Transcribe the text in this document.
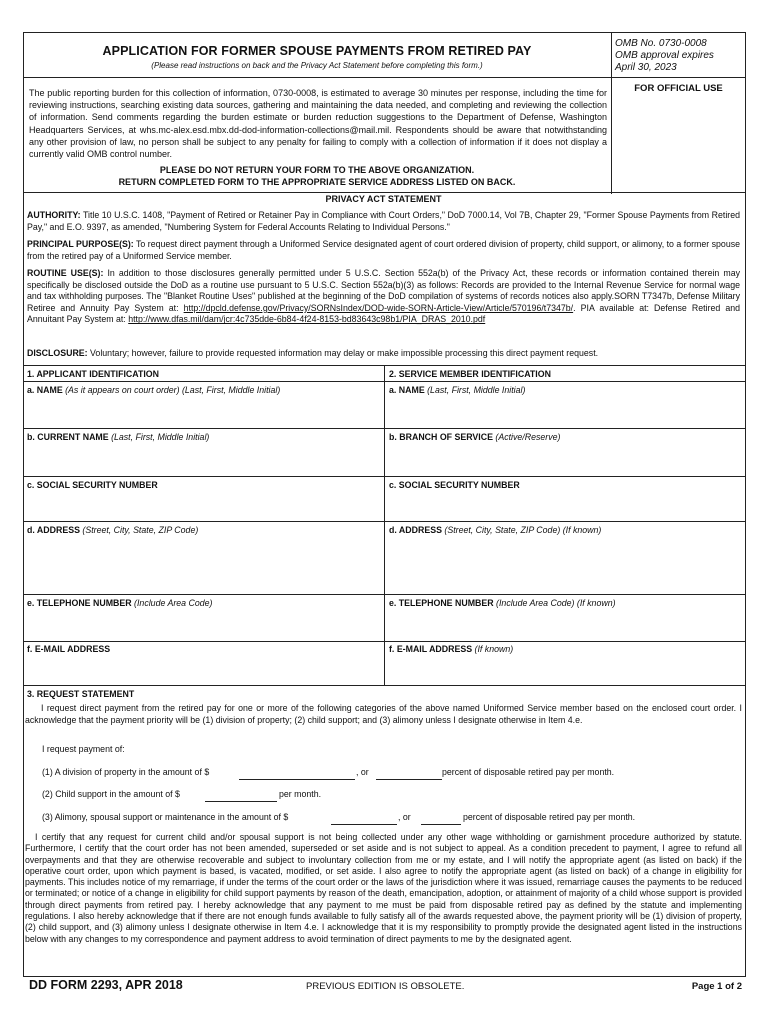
APPLICATION FOR FORMER SPOUSE PAYMENTS FROM RETIRED PAY
(Please read instructions on back and the Privacy Act Statement before completing this form.)
OMB No. 0730-0008
OMB approval expires
April 30, 2023
FOR OFFICIAL USE
The public reporting burden for this collection of information, 0730-0008, is estimated to average 30 minutes per response, including the time for reviewing instructions, searching existing data sources, gathering and maintaining the data needed, and completing and reviewing the collection of information. Send comments regarding the burden estimate or burden reduction suggestions to the Department of Defense, Washington Headquarters Services, at whs.mc-alex.esd.mbx.dd-dod-information-collections@mail.mil. Respondents should be aware that notwithstanding any other provision of law, no person shall be subject to any penalty for failing to comply with a collection of information if it does not display a currently valid OMB control number.
PLEASE DO NOT RETURN YOUR FORM TO THE ABOVE ORGANIZATION.
RETURN COMPLETED FORM TO THE APPROPRIATE SERVICE ADDRESS LISTED ON BACK.
PRIVACY ACT STATEMENT
AUTHORITY: Title 10 U.S.C. 1408, "Payment of Retired or Retainer Pay in Compliance with Court Orders," DoD 7000.14, Vol 7B, Chapter 29, "Former Spouse Payments from Retired Pay," and E.O. 9397, as amended, "Numbering System for Federal Accounts Relating to Individual Persons."
PRINCIPAL PURPOSE(S): To request direct payment through a Uniformed Service designated agent of court ordered division of property, child support, or alimony, to a former spouse from the retired pay of a Uniformed Service member.
ROUTINE USE(S): In addition to those disclosures generally permitted under 5 U.S.C. Section 552a(b) of the Privacy Act, these records or information contained therein may specifically be disclosed outside the DoD as a routine use pursuant to 5 U.S.C. Section 552a(b)(3) as follows: Records are provided to the Internal Revenue Service for normal wage and tax withholding purposes. The "Blanket Routine Uses" published at the beginning of the DoD compilation of systems of records notices also apply.SORN T7347b, Defense Military Retiree and Annuity Pay System at: http://dpcld.defense.gov/Privacy/SORNsIndex/DOD-wide-SORN-Article-View/Article/570196/t7347b/. PIA available at: Defense Retired and Annuitant Pay System at: http://www.dfas.mil/dam/jcr:4c735dde-6b84-4f24-8153-bd83643c98b1/PIA_DRAS_2010.pdf
DISCLOSURE: Voluntary; however, failure to provide requested information may delay or make impossible processing this direct payment request.
1. APPLICANT IDENTIFICATION	2. SERVICE MEMBER IDENTIFICATION
a. NAME (As it appears on court order) (Last, First, Middle Initial)	a. NAME (Last, First, Middle Initial)
b. CURRENT NAME (Last, First, Middle Initial)	b. BRANCH OF SERVICE (Active/Reserve)
c. SOCIAL SECURITY NUMBER	c. SOCIAL SECURITY NUMBER
d. ADDRESS (Street, City, State, ZIP Code)	d. ADDRESS (Street, City, State, ZIP Code) (If known)
e. TELEPHONE NUMBER (Include Area Code)	e. TELEPHONE NUMBER (Include Area Code) (If known)
f. E-MAIL ADDRESS	f. E-MAIL ADDRESS (If known)
3. REQUEST STATEMENT
I request direct payment from the retired pay for one or more of the following categories of the above named Uniformed Service member based on the enclosed court order. I acknowledge that the payment priority will be (1) division of property; (2) child support; and (3) alimony unless I designate otherwise in Item 4.e.
I request payment of:
(1) A division of property in the amount of $	, or	percent of disposable retired pay per month.
(2) Child support in the amount of $	per month.
(3) Alimony, spousal support or maintenance in the amount of $	, or	percent of disposable retired pay per month.
I certify that any request for current child and/or spousal support is not being collected under any other wage withholding or garnishment procedure authorized by statute. Furthermore, I certify that the court order has not been amended, superseded or set aside and is not subject to appeal. As a condition precedent to payment, I agree to refund all overpayments and that they are otherwise recoverable and subject to involuntary collection from me or my estate, and I will notify the appropriate agent (as listed on back) if the operative court order, upon which payment is based, is vacated, modified, or set aside. I also agree to notify the appropriate agent (as listed on back) of a change in eligibility for payments. This includes notice of my remarriage, if under the terms of the court order or the laws of the jurisdiction where it was issued, remarriage causes the payments to be reduced or terminated; or notice of a change in eligibility for child support payments by reason of the death, emancipation, adoption, or attainment of majority of a child whose support is provided through direct payments from retired pay. I hereby acknowledge that any payment to me must be paid from disposable retired pay as defined by the statute and implementing regulations. I also hereby acknowledge that if there are not enough funds available to fully satisfy all of the awards requested above, the payment priority will be (1) division of property, (2) child support, and (3) alimony unless I designate otherwise in Item 4.e. I acknowledge that it is my responsibility to promptly provide the designated agent listed in the instructions below with any changes to my correspondence and payment address to avoid termination of direct payments to me by the designated agent.
DD FORM 2293, APR 2018	PREVIOUS EDITION IS OBSOLETE.	Page 1 of 2
